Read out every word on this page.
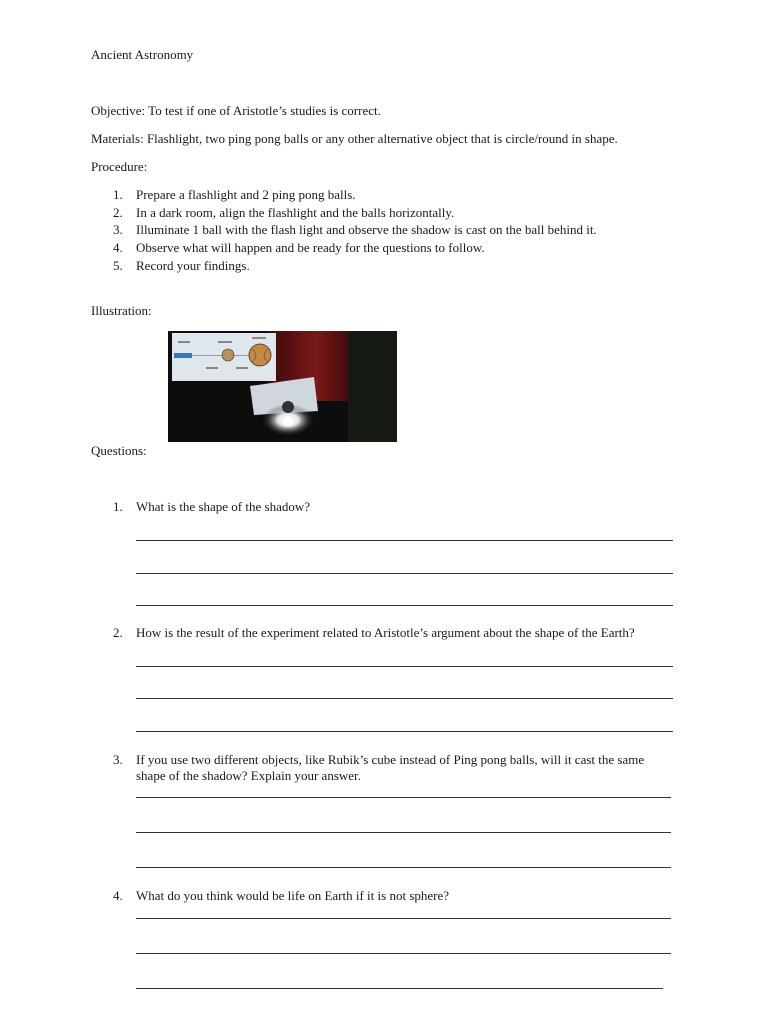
Ancient Astronomy
Objective: To test if one of Aristotle’s studies is correct.
Materials: Flashlight, two ping pong balls or any other alternative object that is circle/round in shape.
Procedure:
1. Prepare a flashlight and 2 ping pong balls.
2. In a dark room, align the flashlight and the balls horizontally.
3. Illuminate 1 ball with the flash light and observe the shadow is cast on the ball behind it.
4. Observe what will happen and be ready for the questions to follow.
5. Record your findings.
Illustration:
Questions:
1. What is the shape of the shadow?
2. How is the result of the experiment related to Aristotle’s argument about the shape of the Earth?
3. If you use two different objects, like Rubik’s cube instead of Ping pong balls, will it cast the same
shape of the shadow? Explain your answer.
4. What do you think would be life on Earth if it is not sphere?
